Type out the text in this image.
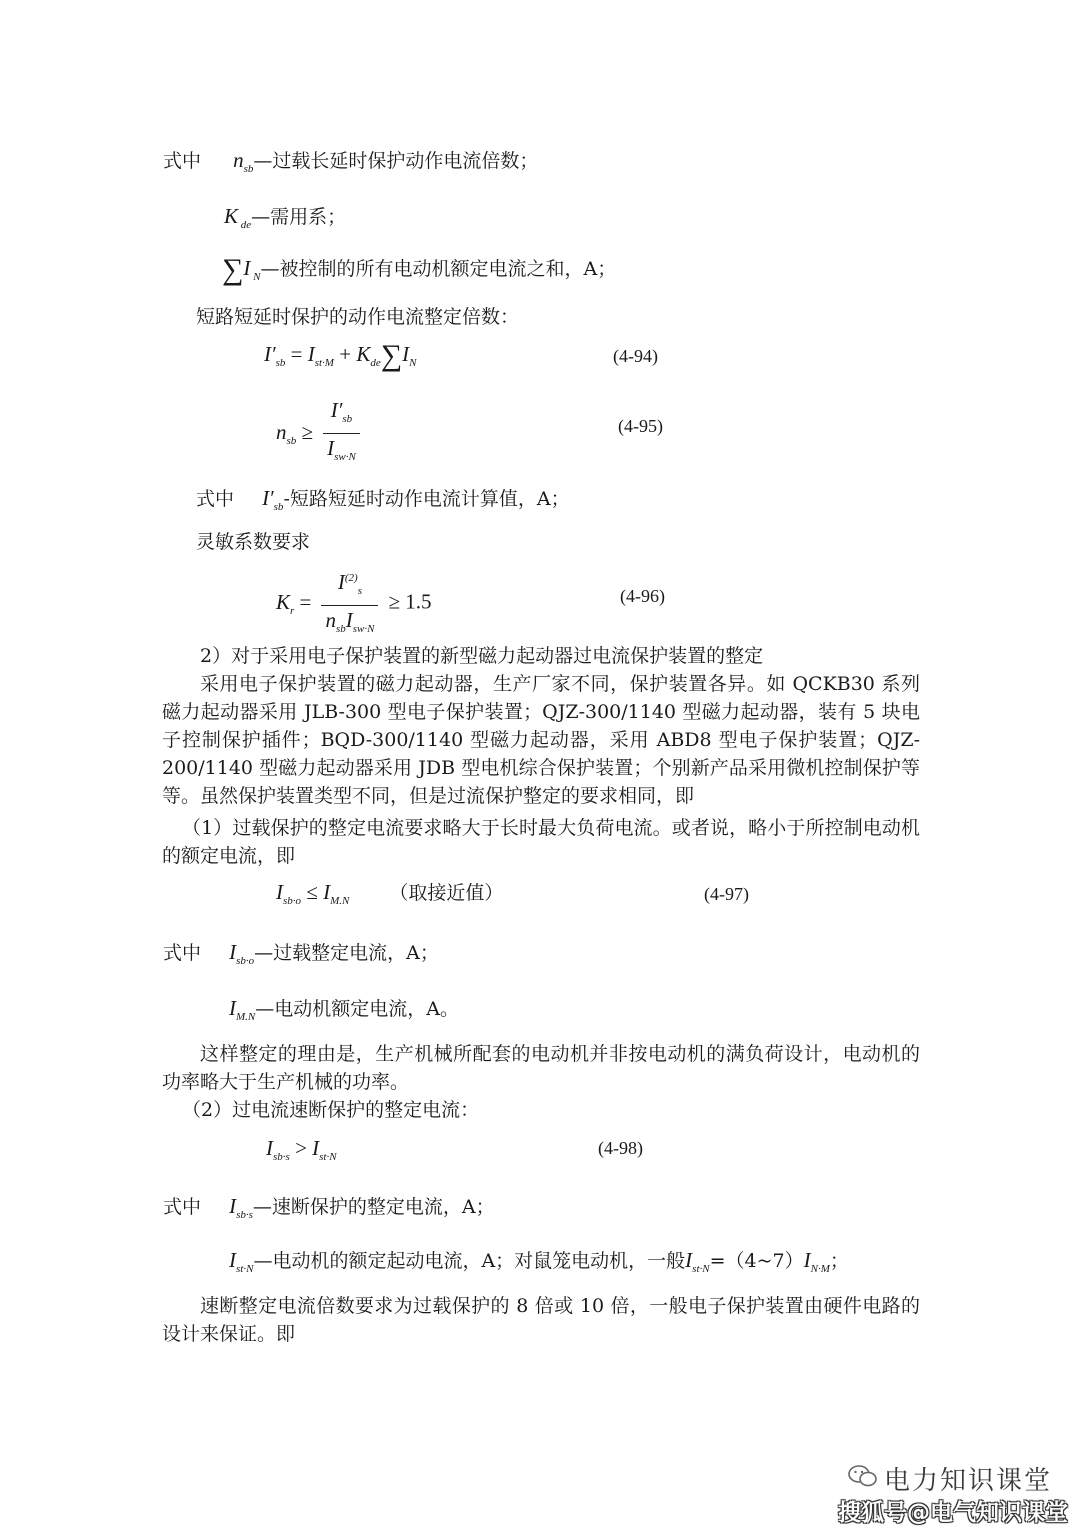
式中 $n_{sb}—$过载长延时保护动作电流倍数；
K $_{de}$—需用系；
∑I $_N$—被控制的所有电动机额定电流之和，A；
短路短延时保护的动作电流整定倍数：
$I'_{sb} = I_{st\cdot M} + K_{de}\sum I_N$	(4-94)
$n_{sb} \ge \frac{I'_{sb}}{I_{sw\cdot N}}$	(4-95)
式中 $I'_{sb}-$短路短延时动作电流计算值，A；
灵敏系数要求
$K_r = \frac{I^{(2)}_s}{n_{sb}I_{sw\cdot N}} \ge 1.5$	(4-96)
2）对于采用电子保护装置的新型磁力起动器过电流保护装置的整定
采用电子保护装置的磁力起动器，生产厂家不同，保护装置各异。如 QCKB30 系列磁力起动器采用 JLB-300 型电子保护装置；QJZ-300/1140 型磁力起动器，装有 5 块电子控制保护插件；BQD-300/1140 型磁力起动器，采用 ABD8 型电子保护装置；QJZ-200/1140 型磁力起动器采用 JDB 型电机综合保护装置；个别新产品采用微机控制保护等等。虽然保护装置类型不同，但是过流保护整定的要求相同，即
（1）过载保护的整定电流要求略大于长时最大负荷电流。或者说，略小于所控制电动机的额定电流，即
$I_{sb\cdot o} \le I_{M.N}$ （取接近值）	(4-97)
式中 $I_{sb\cdot o}—$过载整定电流，A；
$I_{M.N}—$电动机额定电流，A。
这样整定的理由是，生产机械所配套的电动机并非按电动机的满负荷设计，电动机的功率略大于生产机械的功率。
（2）过电流速断保护的整定电流：
$I_{sb\cdot s} > I_{st\cdot N}$	(4-98)
式中 $I_{sb\cdot s}—$速断保护的整定电流，A；
$I_{st\cdot N}—$电动机的额定起动电流，A；对鼠笼电动机，一般$I_{st\cdot N}=(4\sim 7)I_{N\cdot M}$；
速断整定电流倍数要求为过载保护的 8 倍或 10 倍，一般电子保护装置由硬件电路的设计来保证。即
电力知识课堂
搜狐号@电气知识课堂
